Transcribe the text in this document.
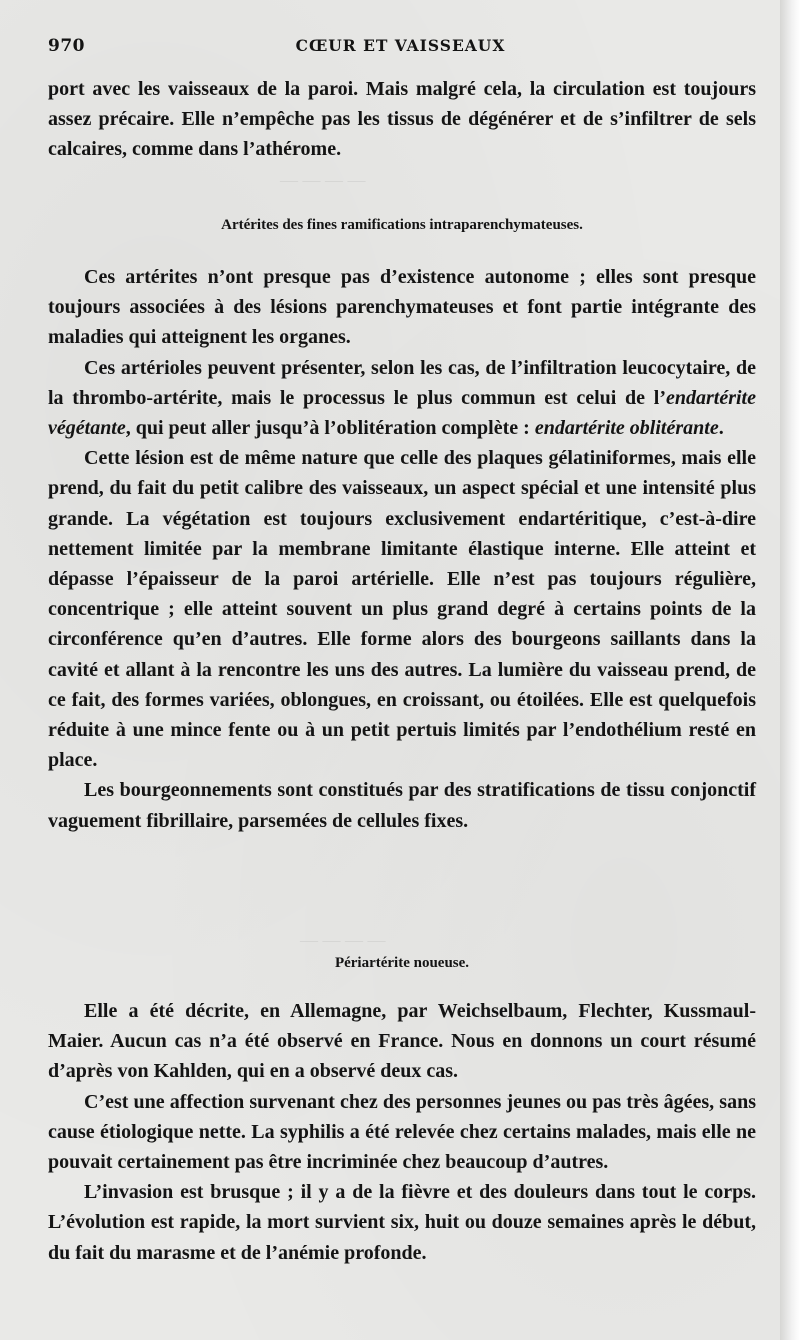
— — — —
— — — —
970	CŒUR ET VAISSEAUX

port avec les vaisseaux de la paroi. Mais malgré cela, la circulation est toujours assez précaire. Elle n’empêche pas les tissus de dégénérer et de s’infiltrer de sels calcaires, comme dans l’athérome.

Artérites des fines ramifications intraparenchymateuses.

Ces artérites n’ont presque pas d’existence autonome ; elles sont presque toujours associées à des lésions parenchymateuses et font partie intégrante des maladies qui atteignent les organes.

Ces artérioles peuvent présenter, selon les cas, de l’infiltration leucocytaire, de la thrombo-artérite, mais le processus le plus commun est celui de l’endartérite végétante, qui peut aller jusqu’à l’oblitération complète : endartérite oblitérante.

Cette lésion est de même nature que celle des plaques gélatiniformes, mais elle prend, du fait du petit calibre des vaisseaux, un aspect spécial et une intensité plus grande. La végétation est toujours exclusivement endartéritique, c’est-à-dire nettement limitée par la membrane limitante élastique interne. Elle atteint et dépasse l’épaisseur de la paroi artérielle. Elle n’est pas toujours régulière, concentrique ; elle atteint souvent un plus grand degré à certains points de la circonférence qu’en d’autres. Elle forme alors des bourgeons saillants dans la cavité et allant à la rencontre les uns des autres. La lumière du vaisseau prend, de ce fait, des formes variées, oblongues, en croissant, ou étoilées. Elle est quelquefois réduite à une mince fente ou à un petit pertuis limités par l’endothélium resté en place.

Les bourgeonnements sont constitués par des stratifications de tissu conjonctif vaguement fibrillaire, parsemées de cellules fixes.

Périartérite noueuse.

Elle a été décrite, en Allemagne, par Weichselbaum, Flechter, Kussmaul-Maier. Aucun cas n’a été observé en France. Nous en donnons un court résumé d’après von Kahlden, qui en a observé deux cas.

C’est une affection survenant chez des personnes jeunes ou pas très âgées, sans cause étiologique nette. La syphilis a été relevée chez certains malades, mais elle ne pouvait certainement pas être incriminée chez beaucoup d’autres.

L’invasion est brusque ; il y a de la fièvre et des douleurs dans tout le corps. L’évolution est rapide, la mort survient six, huit ou douze semaines après le début, du fait du marasme et de l’anémie profonde.
